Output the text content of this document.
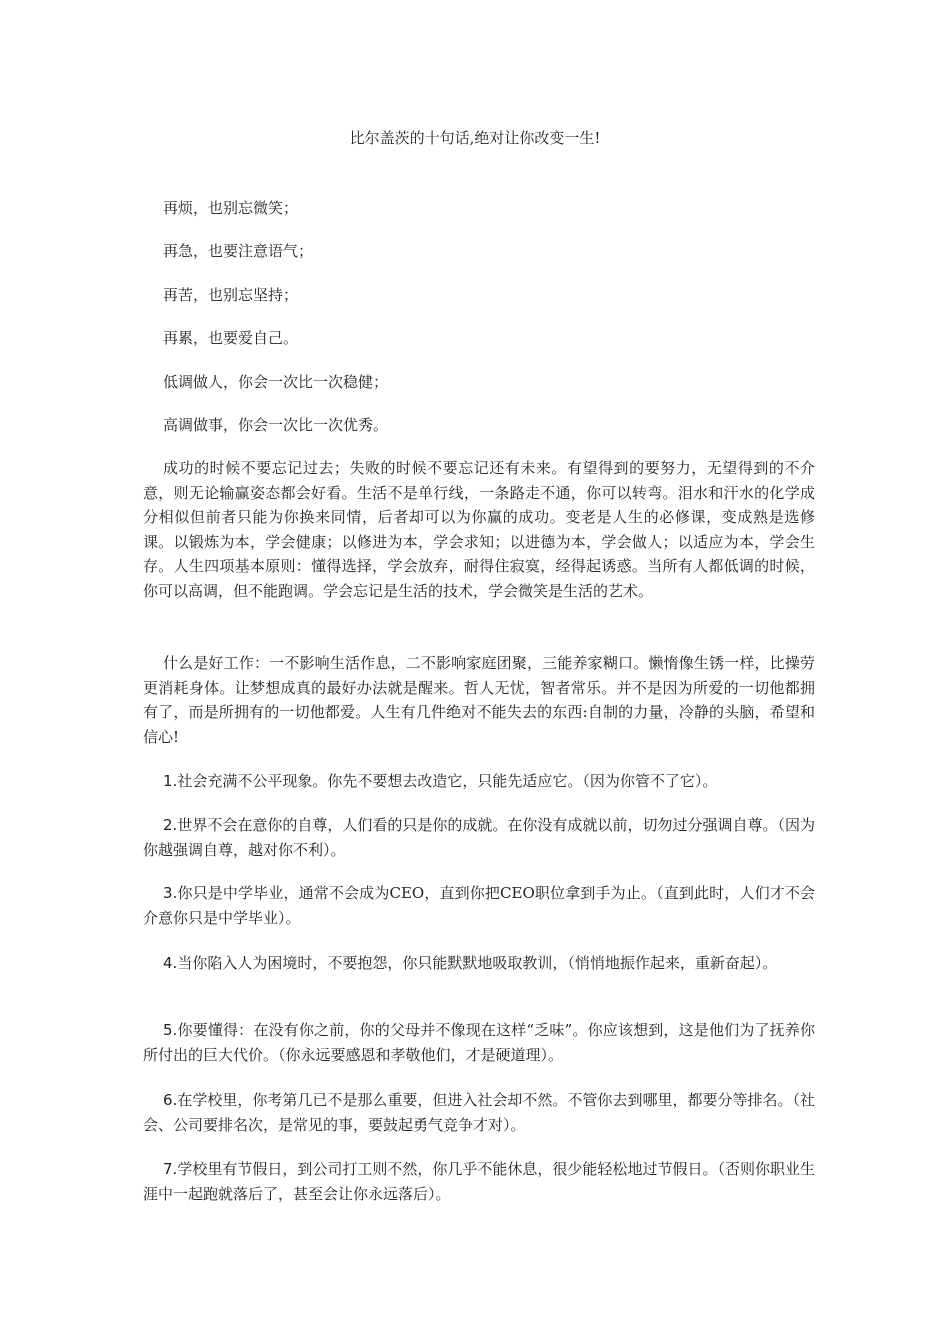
比尔盖茨的十句话,绝对让你改变一生!

再烦，也别忘微笑；

再急，也要注意语气；

再苦，也别忘坚持；

再累，也要爱自己。

低调做人，你会一次比一次稳健；

高调做事，你会一次比一次优秀。

成功的时候不要忘记过去；失败的时候不要忘记还有未来。有望得到的要努力，无望得到的不介意，则无论输赢姿态都会好看。生活不是单行线，一条路走不通，你可以转弯。泪水和汗水的化学成分相似但前者只能为你换来同情，后者却可以为你赢的成功。变老是人生的必修课，变成熟是选修课。以锻炼为本，学会健康；以修进为本，学会求知；以进德为本，学会做人；以适应为本，学会生存。人生四项基本原则：懂得选择，学会放弃，耐得住寂寞，经得起诱惑。当所有人都低调的时候，你可以高调，但不能跑调。学会忘记是生活的技术，学会微笑是生活的艺术。

什么是好工作：一不影响生活作息，二不影响家庭团聚，三能养家糊口。懒惰像生锈一样，比操劳更消耗身体。让梦想成真的最好办法就是醒来。哲人无忧，智者常乐。并不是因为所爱的一切他都拥有了，而是所拥有的一切他都爱。人生有几件绝对不能失去的东西:自制的力量，冷静的头脑，希望和信心!

1.社会充满不公平现象。你先不要想去改造它，只能先适应它。（因为你管不了它）。

2.世界不会在意你的自尊，人们看的只是你的成就。在你没有成就以前，切勿过分强调自尊。（因为你越强调自尊，越对你不利）。

3.你只是中学毕业，通常不会成为CEO，直到你把CEO职位拿到手为止。（直到此时，人们才不会介意你只是中学毕业）。

4.当你陷入人为困境时，不要抱怨，你只能默默地吸取教训，（悄悄地振作起来，重新奋起）。

5.你要懂得：在没有你之前，你的父母并不像现在这样“乏味”。你应该想到，这是他们为了抚养你所付出的巨大代价。（你永远要感恩和孝敬他们，才是硬道理）。

6.在学校里，你考第几已不是那么重要，但进入社会却不然。不管你去到哪里，都要分等排名。（社会、公司要排名次，是常见的事，要鼓起勇气竞争才对）。

7.学校里有节假日，到公司打工则不然，你几乎不能休息，很少能轻松地过节假日。（否则你职业生涯中一起跑就落后了，甚至会让你永远落后）。
